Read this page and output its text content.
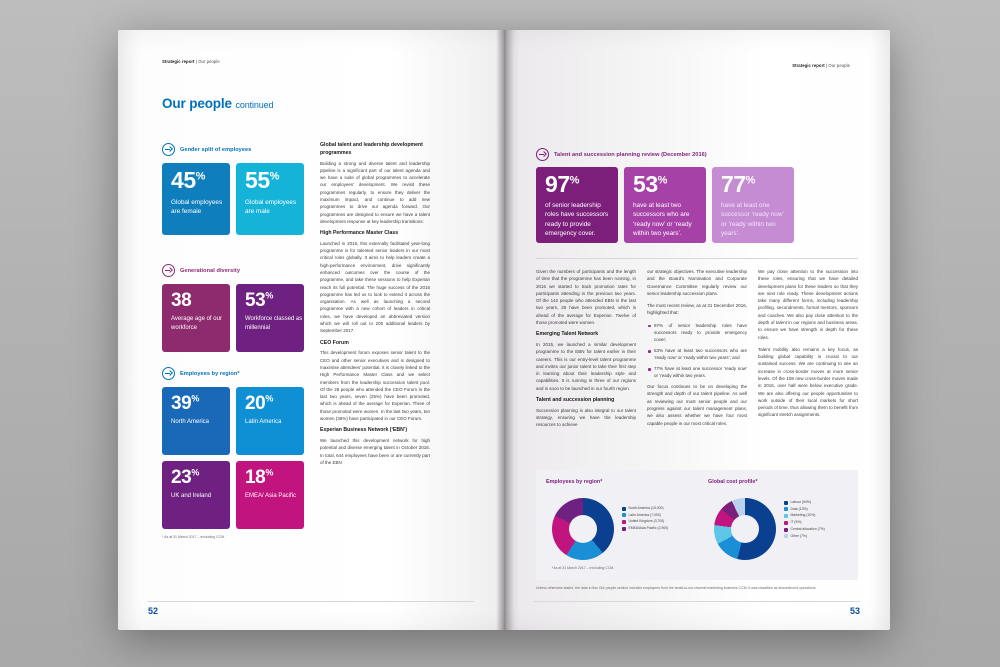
Strategic report | Our people
Our people continued
Gender split of employees
45%
Global employees are female
55%
Global employees are male
Generational diversity
38
Average age of our workforce
53%
Workforce classed as millennial
Employees by region*
39%
North America
20%
Latin America
23%
UK and Ireland
18%
EMEA/ Asia Pacific
* As at 31 March 2017 – excluding CCM.

Global talent and leadership development programmes

Building a strong and diverse talent and leadership pipeline is a significant part of our talent agenda and we have a suite of global programmes to accelerate our employees’ development. We revisit these programmes regularly, to ensure they deliver the maximum impact, and continue to add new programmes to drive our agenda forward. Our programmes are designed to ensure we have a talent development response at key leadership transitions:

High Performance Master Class

Launched in 2016, this externally facilitated year-long programme is for talented senior leaders in our most critical roles globally. It aims to help leaders create a high-performance environment, drive significantly enhanced outcomes over the course of the programme, and take these sessions to help Experian reach its full potential. The huge success of the 2016 programme has led us to look to extend it across the organisation. As well as launching a second programme with a new cohort of leaders in critical roles, we have developed an abbreviated version which we will roll out to 200 additional leaders by September 2017.

CEO Forum

This development forum exposes senior talent to the CEO and other senior executives and is designed to maximise attendees’ potential. It is closely linked to the High Performance Master Class and we select members from the leadership succession talent pool. Of the 28 people who attended the CEO Forum in the last two years, seven (25%) have been promoted, which is ahead of the average for Experian. Three of those promoted were women. In the last two years, ten women (36%) have participated in our CEO Forum.

Experian Business Network (‘EBN’)

We launched this development network for high potential and diverse emerging talent in October 2016. In total, 644 employees have been or are currently part of the EBN

52
Strategic report | Our people
Talent and succession planning review (December 2016)
97%
of senior leadership roles have successors ready to provide emergency cover.
53%
have at least two successors who are ‘ready now’ or ‘ready within two years’.
77%
have at least one successor ‘ready now’ or ‘ready within two years’.

Given the numbers of participants and the length of time that the programme has been running, in 2016 we started to track promotion rates for participants attending in the previous two years. Of the 142 people who attended EBN in the last two years, 26 have been promoted, which is ahead of the average for Experian. Twelve of those promoted were women.

Emerging Talent Network

In 2015, we launched a similar development programme to the EBN for talent earlier in their careers. This is our entry-level talent programme and invites our junior talent to take their first step in learning about their leadership style and capabilities. It is running in three of our regions and is soon to be launched in our fourth region.

Talent and succession planning

Succession planning is also integral to our talent strategy, ensuring we have the leadership resources to achieve

our strategic objectives. The executive leadership and the Board’s Nomination and Corporate Governance Committee regularly review our senior leadership succession plans.

The most recent review, as at 31 December 2016, highlighted that:

97% of senior leadership roles have successors ready to provide emergency cover;

53% have at least two successors who are ‘ready now’ or ‘ready within two years’; and

77% have at least one successor ‘ready now’ or ‘ready within two years.

Our focus continues to be on developing the strength and depth of our talent pipeline. As well as reviewing our most senior people and our progress against our talent management plans, we also assess whether we have four most capable people in our most critical roles.

We pay close attention to the succession into these roles, ensuring that we have detailed development plans for these leaders so that they are next role ready. These development actions take many different forms, including leadership profiling, secondments, formal mentors, sponsors and coaches. We also pay close attention to the depth of talent in our regions and business areas, to ensure we have strength in depth for these roles.

Talent mobility also remains a key focus, as building global capability is crucial to our sustained success. We are continuing to see an increase in cross-border moves at more senior levels. Of the 108 new cross-border moves made in 2016, over half were below executive grade. We are also offering our people opportunities to work outside of their local markets for short periods of time, thus allowing them to benefit from significant stretch assignments.

Employees by region*	Global cost profile*
North America (15,000)
Latin America (7,000)
United Kingdom (3,700)
EMEA/Asia Pacific (2,900)
*As at 31 March 2017 – excluding CCM.
Labour (54%)
Data (13%)
Marketing (10%)
IT (9%)
Central allocation (7%)
Other (7%)
Unless otherwise stated, the data in this Our people section includes employees from the small-to-our channel marketing business CCM, it was classified as discontinued operations.
53
